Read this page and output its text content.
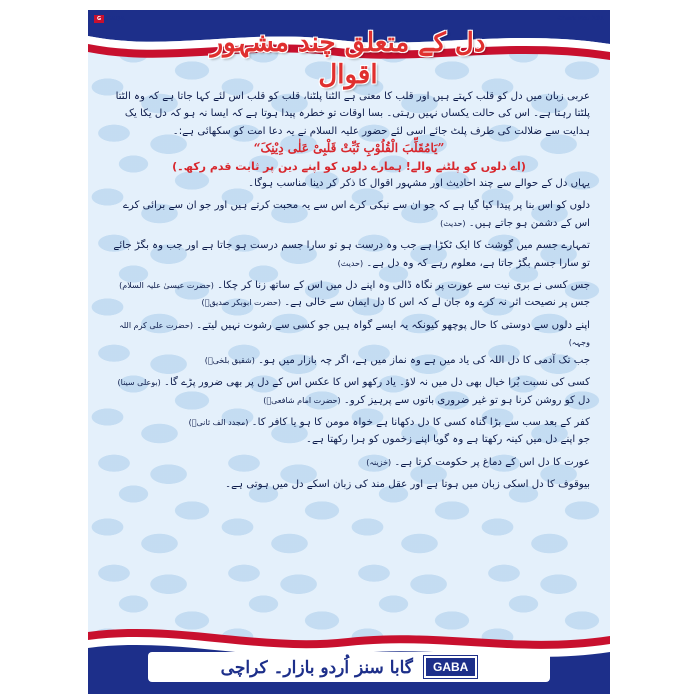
G GABA	Chart No. 101
دل کے متعلق چند مشہور اقوال

عربی زبان میں دل کو قلب کہتے ہیں اور قلب کا معنی ہے الٹنا پلٹنا، قلب کو قلب اس لئے کہا جاتا ہے کہ وہ الٹتا پلٹتا رہتا ہے۔ اس کی حالت یکساں نہیں رہتی۔ بسا اوقات تو خطرہ پیدا ہوتا ہے کہ ایسا نہ ہو کہ دل یکا یک ہدایت سے ضلالت کی طرف پلٹ جائے اسی لئے حضور علیہ السلام نے یہ دعا امت کو سکھائی ہے:۔

”یَامُقَلِّبَ الْقُلُوْبِ ثَبِّتْ قَلْبِیْ عَلٰی دِیْنِکَ“

(اے دلوں کو پلٹنے والے! ہمارے دلوں کو اپنے دین پر ثابت قدم رکھ۔)

یہاں دل کے حوالے سے چند احادیث اور مشہور اقوال کا ذکر کر دینا مناسب ہوگا۔

دلوں کو اس بنا پر پیدا کیا گیا ہے کہ جو ان سے نیکی کرے اس سے یہ محبت کرتے ہیں اور جو ان سے برائی کرے اس کے دشمن ہو جاتے ہیں۔ (حدیث)

تمہارے جسم میں گوشت کا ایک ٹکڑا ہے جب وہ درست ہو تو سارا جسم درست ہو جاتا ہے اور جب وہ بگڑ جائے تو سارا جسم بگڑ جاتا ہے، معلوم رہے کہ وہ دل ہے۔ (حدیث)

جس کسی نے بری نیت سے عورت پر نگاہ ڈالی وہ اپنے دل میں اس کے ساتھ زنا کر چکا۔ (حضرت عیسیٰ علیہ السلام)

جس پر نصیحت اثر نہ کرے وہ جان لے کہ اس کا دل ایمان سے خالی ہے۔ (حضرت ابوبکر صدیقؓ)

اپنے دلوں سے دوستی کا حال پوچھو کیونکہ یہ ایسے گواہ ہیں جو کسی سے رشوت نہیں لیتے۔ (حضرت علی کرم اللہ وجہہ)

جب تک آدمی کا دل اللہ کی یاد میں ہے وہ نماز میں ہے، اگر چہ بازار میں ہو۔ (شقیق بلخیؒ)

کسی کی نسبت بُرا خیال بھی دل میں نہ لاؤ۔ یاد رکھو اس کا عکس اس کے دل پر بھی ضرور پڑے گا۔ (بوعلی سینا)

دل کو روشن کرنا ہو تو غیر ضروری باتوں سے پرہیز کرو۔ (حضرت امام شافعیؒ)

کفر کے بعد سب سے بڑا گناہ کسی کا دل دکھانا ہے خواہ مومن کا ہو یا کافر کا۔ (مجدد الف ثانیؒ)

جو اپنے دل میں کینہ رکھتا ہے وہ گویا اپنے زخموں کو ہرا رکھتا ہے۔

عورت کا دل اس کے دماغ پر حکومت کرتا ہے۔ (خزینہ)

بیوقوف کا دل اسکی زبان میں ہوتا ہے اور عقل مند کی زبان اسکے دل میں ہوتی ہے۔

گابا سنز اُردو بازار۔ کراچی GABA
